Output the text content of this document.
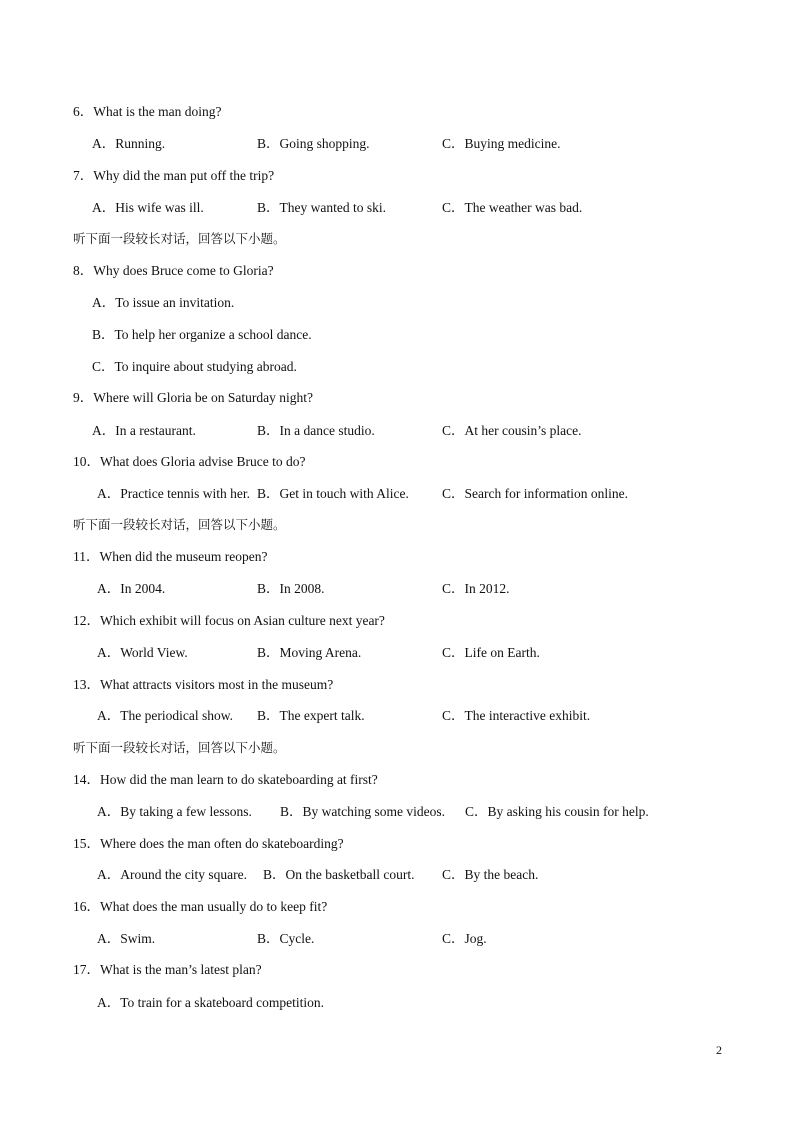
6．What is the man doing?
A．Running.	B．Going shopping.	C．Buying medicine.
7．Why did the man put off the trip?
A．His wife was ill.	B．They wanted to ski.	C．The weather was bad.
听下面一段较长对话，回答以下小题。
8．Why does Bruce come to Gloria?
A．To issue an invitation.
B．To help her organize a school dance.
C．To inquire about studying abroad.
9．Where will Gloria be on Saturday night?
A．In a restaurant.	B．In a dance studio.	C．At her cousin’s place.
10．What does Gloria advise Bruce to do?
A．Practice tennis with her. B．Get in touch with Alice. C．Search for information online.
听下面一段较长对话，回答以下小题。
11．When did the museum reopen?
A．In 2004.	B．In 2008.	C．In 2012.
12．Which exhibit will focus on Asian culture next year?
A．World View.	B．Moving Arena.	C．Life on Earth.
13．What attracts visitors most in the museum?
A．The periodical show. B．The expert talk.	C．The interactive exhibit.
听下面一段较长对话，回答以下小题。
14．How did the man learn to do skateboarding at first?
A．By taking a few lessons. B．By watching some videos. C．By asking his cousin for help.
15．Where does the man often do skateboarding?
A．Around the city square. B．On the basketball court. C．By the beach.
16．What does the man usually do to keep fit?
A．Swim.	B．Cycle.	C．Jog.
17．What is the man’s latest plan?
A．To train for a skateboard competition.
2
